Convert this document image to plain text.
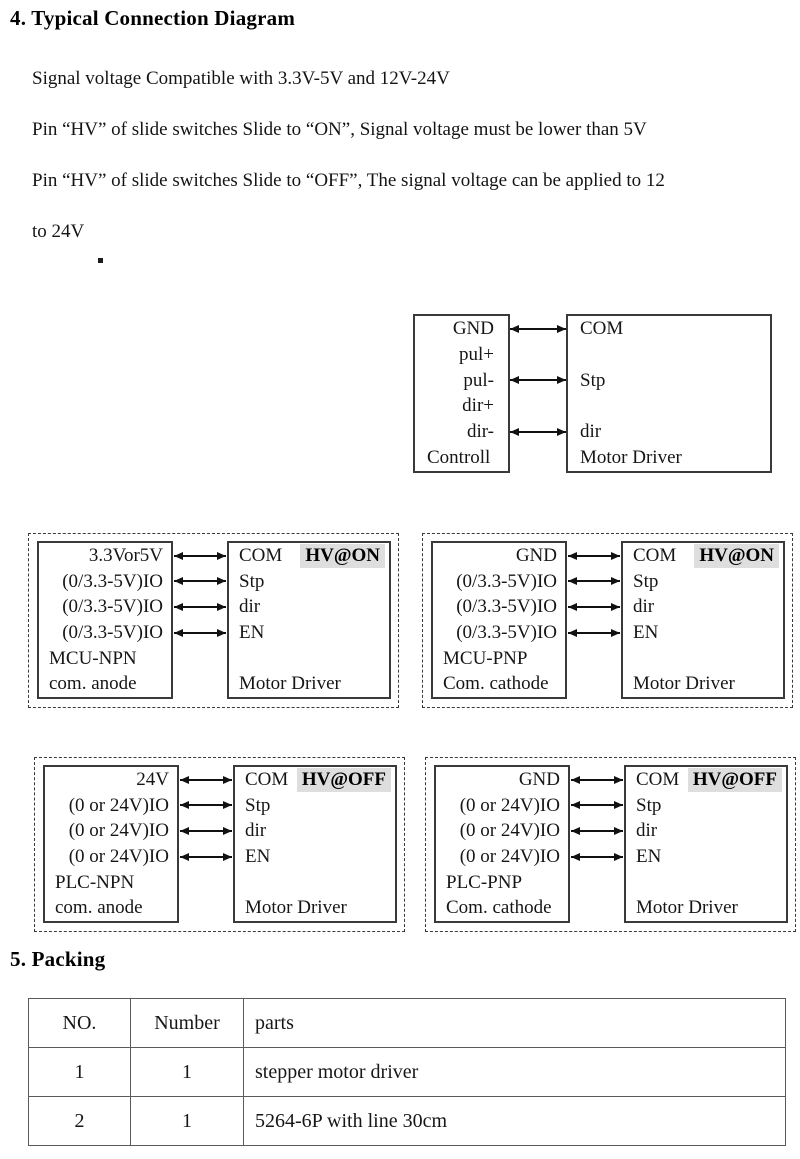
4. Typical Connection Diagram
Signal voltage Compatible with 3.3V-5V and 12V-24V
Pin “HV” of slide switches Slide to “ON”, Signal voltage must be lower than 5V
Pin “HV” of slide switches Slide to “OFF”, The signal voltage can be applied to 12
to 24V
GND
pul+
pul-
dir+
dir-
Controll
COM
Stp
dir
Motor Driver
3.3Vor5V
(0/3.3-5V)IO
(0/3.3-5V)IO
(0/3.3-5V)IO
MCU-NPN
com. anode
COM HV@ON
Stp
dir
EN
Motor Driver
GND
(0/3.3-5V)IO
(0/3.3-5V)IO
(0/3.3-5V)IO
MCU-PNP
Com. cathode
COM HV@ON
Stp
dir
EN
Motor Driver
24V
(0 or 24V)IO
(0 or 24V)IO
(0 or 24V)IO
PLC-NPN
com. anode
COM HV@OFF
Stp
dir
EN
Motor Driver
GND
(0 or 24V)IO
(0 or 24V)IO
(0 or 24V)IO
PLC-PNP
Com. cathode
COM HV@OFF
Stp
dir
EN
Motor Driver
5. Packing
NO.	Number	parts
1	1	stepper motor driver
2	1	5264-6P with line 30cm
